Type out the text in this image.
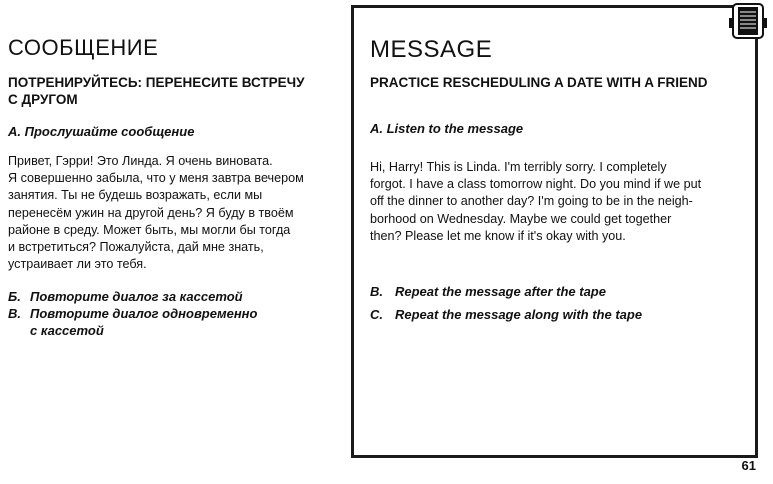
СООБЩЕНИЕ
ПОТРЕНИРУЙТЕСЬ: ПЕРЕНЕСИТЕ ВСТРЕЧУ
С ДРУГОМ
A. Прослушайте сообщение
Привет, Гэрри! Это Линда. Я очень виновата.
Я совершенно забыла, что у меня завтра вечером
занятия. Ты не будешь возражать, если мы
перенесём ужин на другой день? Я буду в твоём
районе в среду. Может быть, мы могли бы тогда
и встретиться? Пожалуйста, дай мне знать,
устраивает ли это тебя.
Б. Повторите диалог за кассетой
В. Повторите диалог одновременно
с кассетой
MESSAGE
PRACTICE RESCHEDULING A DATE WITH A FRIEND
A. Listen to the message
Hi, Harry! This is Linda. I'm terribly sorry. I completely
forgot. I have a class tomorrow night. Do you mind if we put
off the dinner to another day? I'm going to be in the neigh-
borhood on Wednesday. Maybe we could get together
then? Please let me know if it's okay with you.
B. Repeat the message after the tape
C. Repeat the message along with the tape
61
